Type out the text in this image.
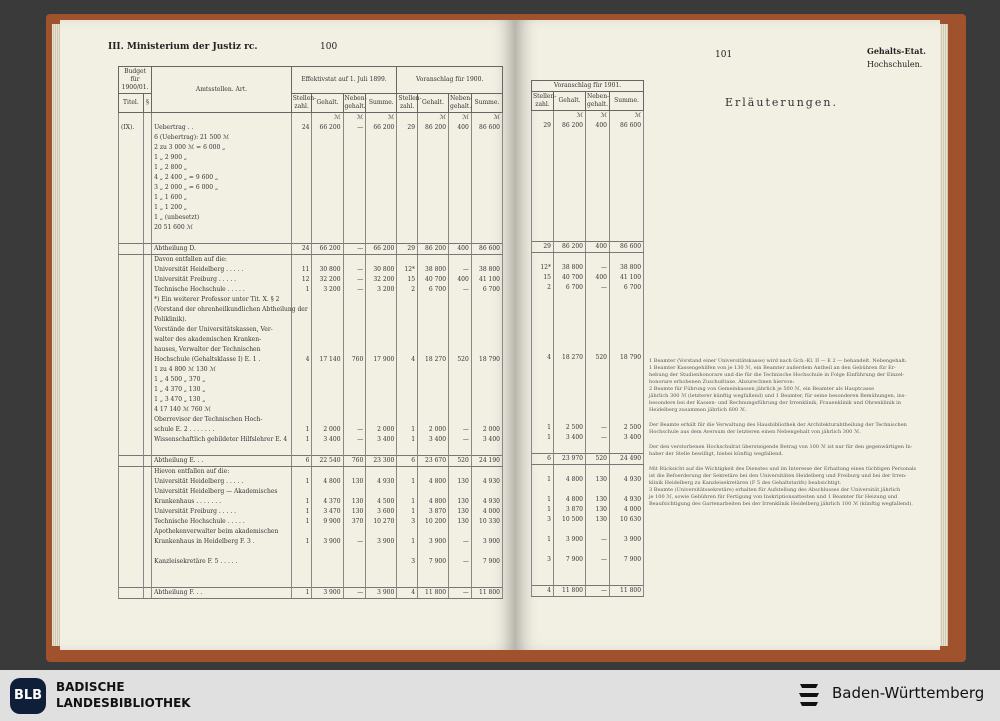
III. Ministerium der Justiz rc.	100
Budget für 1900/01.		Amtsstellen. Art.	Effektivstat auf 1. Juli 1899.				Voranschlag für 1900.			
Titel.	§		Stellen-zahl.	Gehalt.	Neben-gehalt.	Summe.	Stellen-zahl.	Gehalt.	Neben-gehalt.	Summe.
				ℳ	ℳ	ℳ		ℳ	ℳ	ℳ
(IX).		Uebertrag . .	24	66 200	—	66 200	29	86 200	400	86 600
		6 (Uebertrag): 21 500 ℳ								
		2 zu 3 000 ℳ = 6 000 „								
		1 „ 2 900 „								
		1 „ 2 800 „								
		4 „ 2 400 „ = 9 600 „								
		3 „ 2 000 „ = 6 000 „								
		1 „ 1 600 „								
		1 „ 1 200 „								
		1 „ (unbesetzt)								
		20 51 600 ℳ								

		Abtheilung D.	24	66 200	—	66 200	29	86 200	400	86 600
		Davon entfallen auf die:								
		Universität Heidelberg . . . . .	11	30 800	—	30 800	12*	38 800	—	38 800
		Universität Freiburg . . . . .	12	32 200	—	32 200	15	40 700	400	41 100
		Technische Hochschule . . . . .	1	3 200	—	3 200	2	6 700	—	6 700
		*) Ein weiterer Professor unter Tit. X. § 2								
		(Vorstand der ohrenheilkundlichen Abtheilung der								
		Poliklinik).								
		Vorstände der Universitätskassen, Ver-								
		walter des akademischen Kranken-								
		hauses, Verwalter der Technischen								
		Hochschule (Gehaltsklasse I) E. 1 .	4	17 140	760	17 900	4	18 270	520	18 790
		1 zu 4 800 ℳ 130 ℳ								
		1 „ 4 500 „ 370 „								
		1 „ 4 370 „ 130 „								
		1 „ 3 470 „ 130 „								
		4 17 140 ℳ 760 ℳ								
		Oberrevisor der Technischen Hoch-								
		schule E. 2 . . . . . . .	1	2 000	—	2 000	1	2 000	—	2 000
		Wissenschaftlich gebildeter Hilfslehrer E. 4	1	3 400	—	3 400	1	3 400	—	3 400

		Abtheilung E. . .	6	22 540	760	23 300	6	23 670	520	24 190
		Hievon entfallen auf die:								
		Universität Heidelberg . . . . .	1	4 800	130	4 930	1	4 800	130	4 930
		Universität Heidelberg — Akademisches								
		Krankenhaus . . . . . . .	1	4 370	130	4 500	1	4 800	130	4 930
		Universität Freiburg . . . . .	1	3 470	130	3 600	1	3 870	130	4 000
		Technische Hochschule . . . . .	1	9 900	370	10 270	3	10 200	130	10 330
		Apothekenverwalter beim akademischen								
		Krankenhaus in Heidelberg F. 3 .	1	3 900	—	3 900	1	3 900	—	3 900

		Kanzleisekretäre F. 5 . . . . .					3	7 900	—	7 900

		Abtheilung F. . .	1	3 900	—	3 900	4	11 800	—	11 800
101	Gehalts-Etat.
Hochschulen.
Voranschlag für 1901.			
Stellen-zahl.	Gehalt.	Neben-gehalt.	Summe.
	ℳ	ℳ	ℳ
29	86 200	400	86 600

29	86 200	400	86 600

12*	38 800	—	38 800
15	40 700	400	41 100
2	6 700	—	6 700

4	18 270	520	18 790

1	2 500	—	2 500
1	3 400	—	3 400

6	23 970	520	24 490

1	4 800	130	4 930

1	4 800	130	4 930
1	3 870	130	4 000
3	10 500	130	10 630

1	3 900	—	3 900

3	7 900	—	7 900

4	11 800	—	11 800
Erläuterungen.

1 Beamter (Vorstand einer Universitätskasse) wird nach Gch.-Kl. II — E 2 — behandelt. Nebengehalt:

1 Beamter Kassengehilfen von je 130 ℳ, ein Beamter außerdem Antheil an den Gebühren für Er-

hebung der Studienhonorare und die für die Technische Hochschule in Folge Einführung der Einzel-

honorare erhobenen Zuschußtaxe. Abzurechnen hiervon:

2 Beamte für Führung von Gemeinkassen jährlich je 500 ℳ, ein Beamter als Hauptcasse

jährlich 300 ℳ (letzterer künftig wegfallend) und 1 Beamter, für seine besonderen Bemühungen, ins-

besondere bei der Kassen- und Rechnungsführung der Irrenklinik, Frauenklinik und Ohrenklinik in

Heidelberg zusammen jährlich 600 ℳ.

Der Beamte erhält für die Verwaltung des Hausbibliothek der Architekturabtheilung der Technischen

Hochschule aus dem Aversum der letzteren einen Nebengehalt von jährlich 300 ℳ.

Der den verstorbenen Hochschulrat übersteigende Betrag von 100 ℳ ist nur für den gegenwärtigen In-

haber der Stelle bewilligt, hiebei künftig wegfallend.

Mit Rücksicht auf die Wichtigkeit des Dienstes und im Interesse der Erhaltung eines tüchtigen Personals

ist die Befoerderung der Sekretäre bei den Universitäten Heidelberg und Freiburg und bei der Irren-

klinik Heidelberg zu Kanzleisekretären (F 5 des Gehaltstarifs) beabsichtigt.

3 Beamte (Universitätssekretäre) erhalten für Aufstellung des Abschlusses der Universität jährlich

je 100 ℳ, sowie Gebühren für Fertigung von Inskriptionsattesten und 1 Beamter für Heizung und

Beaufsichtigung des Gartenarbeiten bei der Irrenklinik Heidelberg jährlich 100 ℳ (künftig wegfallend).

BLB
BADISCHE
LANDESBIBLIOTHEK
Baden-Württemberg
